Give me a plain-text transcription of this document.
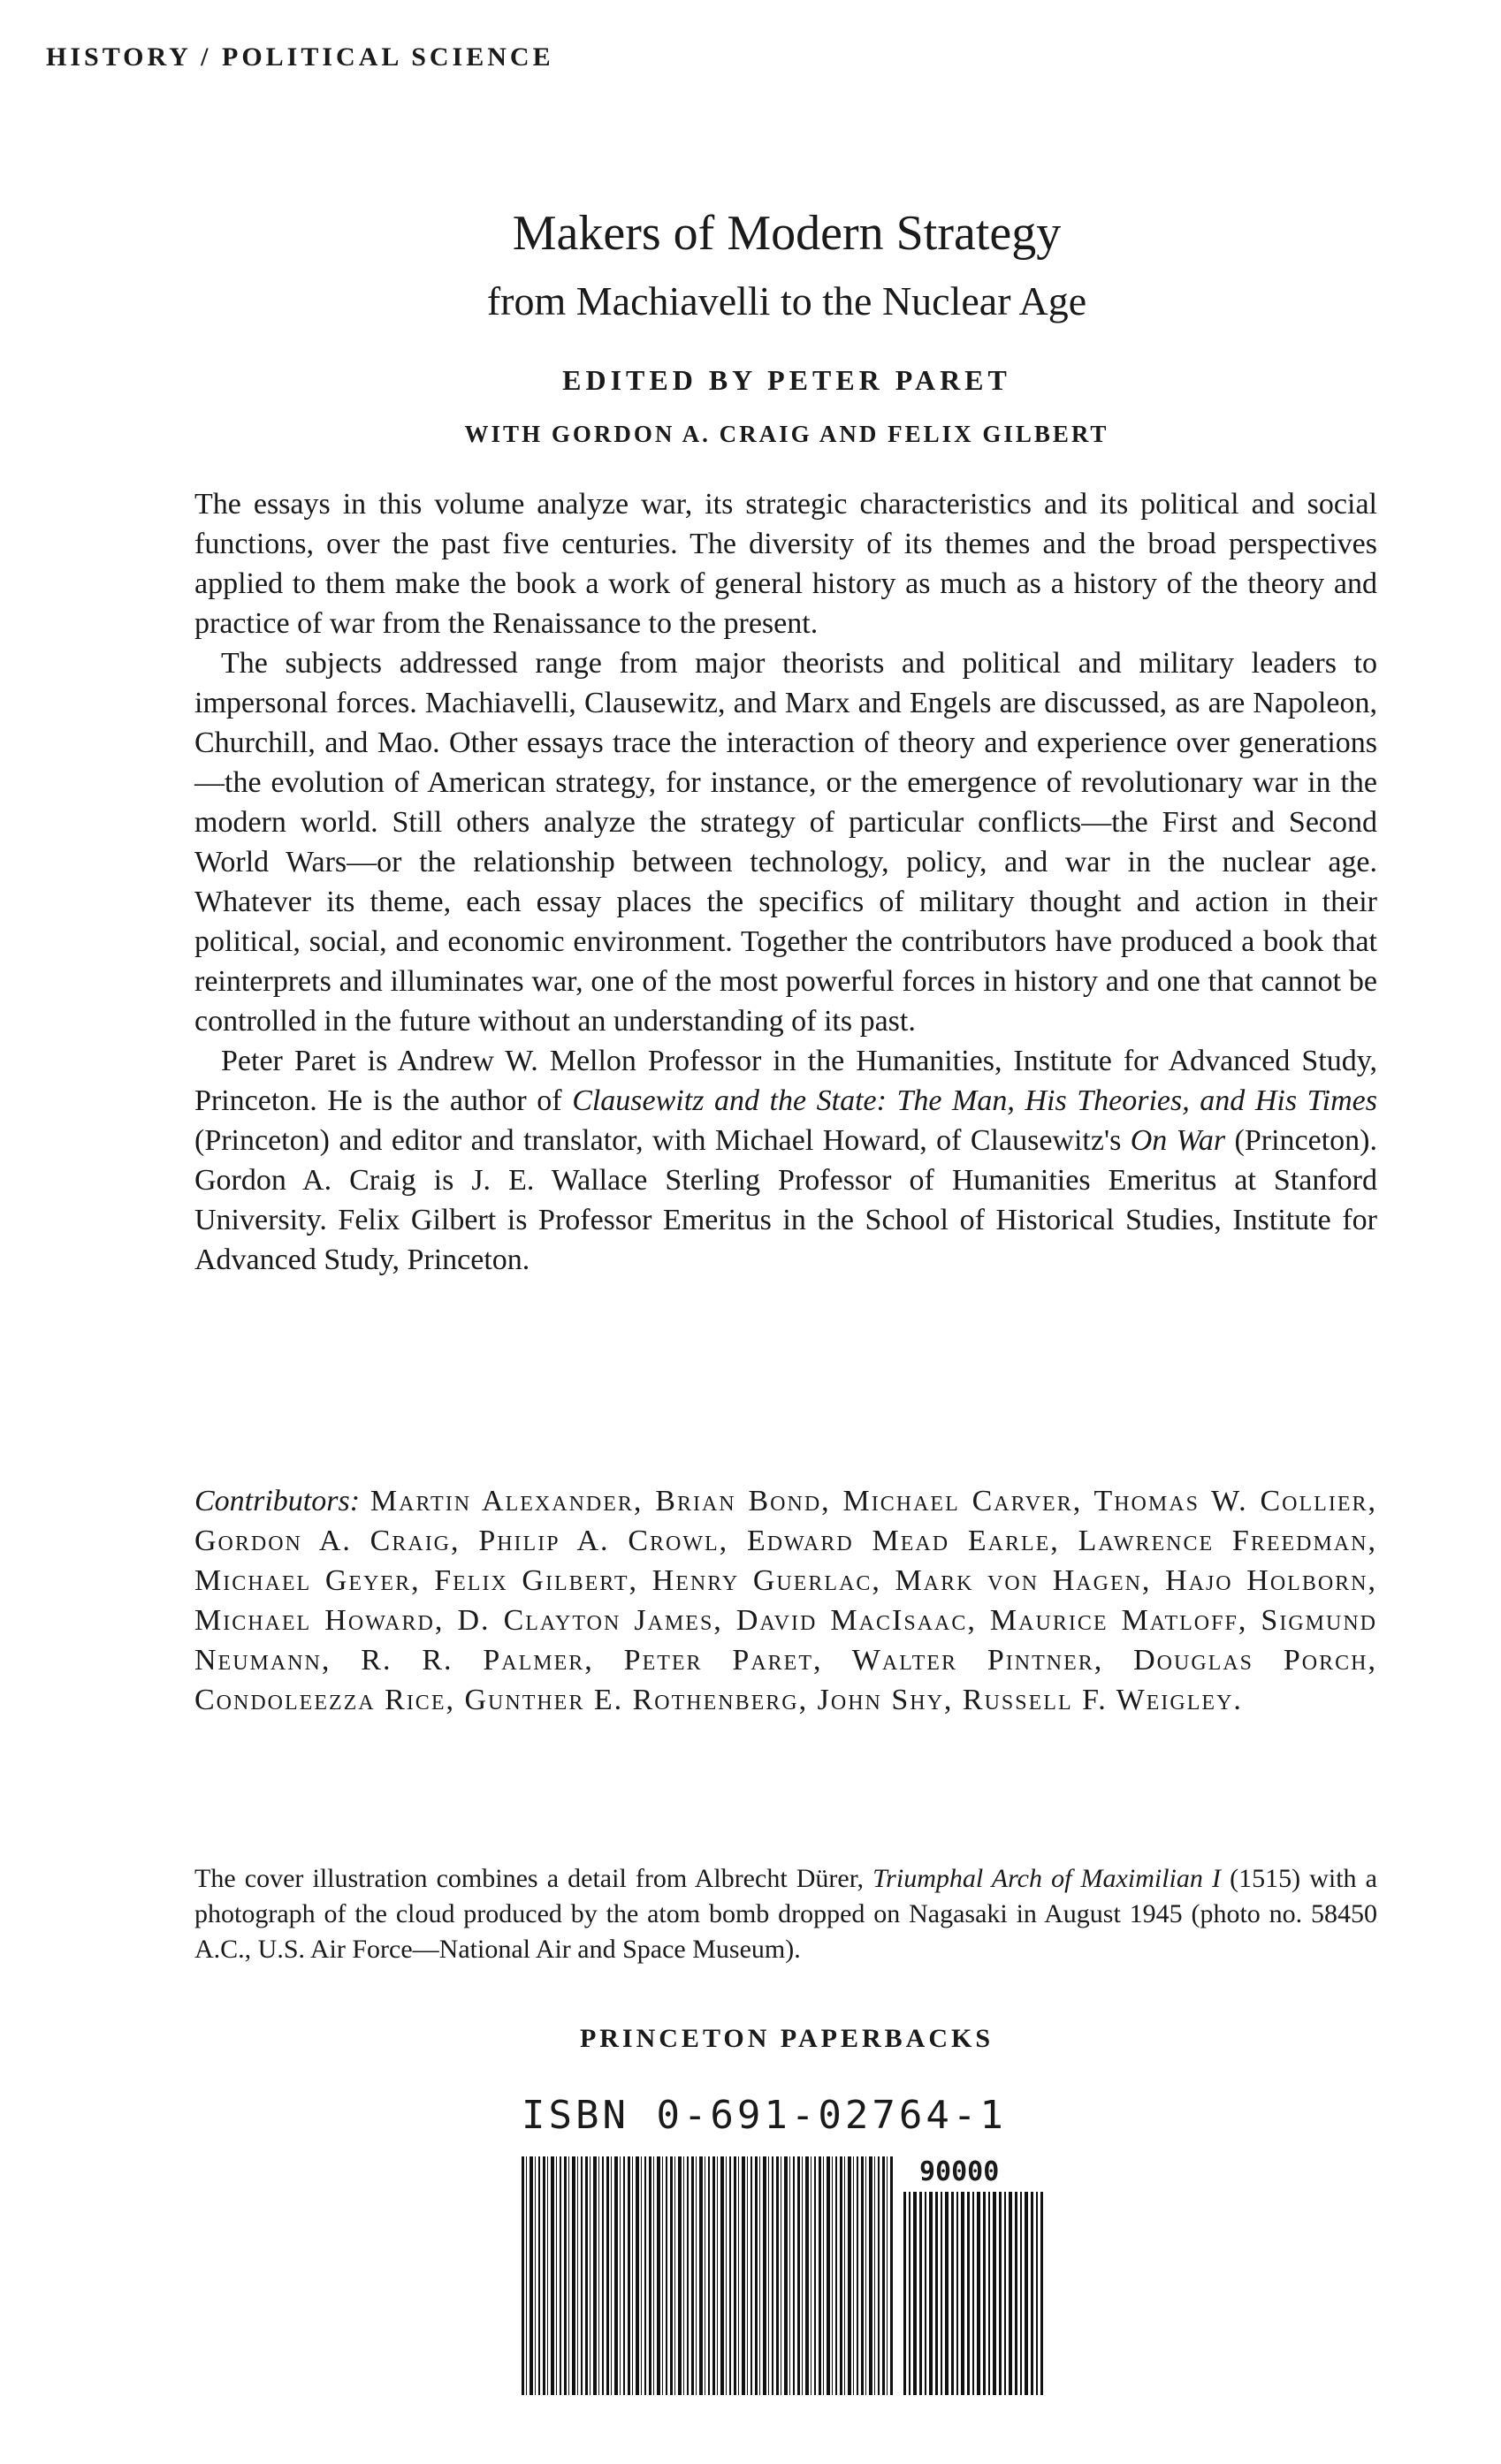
HISTORY / POLITICAL SCIENCE
Makers of Modern Strategy
from Machiavelli to the Nuclear Age
EDITED BY PETER PARET
WITH GORDON A. CRAIG AND FELIX GILBERT

The essays in this volume analyze war, its strategic characteristics and its political and social functions, over the past five centuries. The diversity of its themes and the broad perspectives applied to them make the book a work of general history as much as a history of the theory and practice of war from the Renaissance to the present.

The subjects addressed range from major theorists and political and military leaders to impersonal forces. Machiavelli, Clausewitz, and Marx and Engels are discussed, as are Napoleon, Churchill, and Mao. Other essays trace the interaction of theory and experience over generations—the evolution of American strategy, for instance, or the emergence of revolutionary war in the modern world. Still others analyze the strategy of particular conflicts—the First and Second World Wars—or the relationship between technology, policy, and war in the nuclear age. Whatever its theme, each essay places the specifics of military thought and action in their political, social, and economic environment. Together the contributors have produced a book that reinterprets and illuminates war, one of the most powerful forces in history and one that cannot be controlled in the future without an understanding of its past.

Peter Paret is Andrew W. Mellon Professor in the Humanities, Institute for Advanced Study, Princeton. He is the author of Clausewitz and the State: The Man, His Theories, and His Times (Princeton) and editor and translator, with Michael Howard, of Clausewitz's On War (Princeton). Gordon A. Craig is J. E. Wallace Sterling Professor of Humanities Emeritus at Stanford University. Felix Gilbert is Professor Emeritus in the School of Historical Studies, Institute for Advanced Study, Princeton.

Contributors: Martin Alexander, Brian Bond, Michael Carver, Thomas W. Collier, Gordon A. Craig, Philip A. Crowl, Edward Mead Earle, Lawrence Freedman, Michael Geyer, Felix Gilbert, Henry Guerlac, Mark von Hagen, Hajo Holborn, Michael Howard, D. Clayton James, David MacIsaac, Maurice Matloff, Sigmund Neumann, R. R. Palmer, Peter Paret, Walter Pintner, Douglas Porch, Condoleezza Rice, Gunther E. Rothenberg, John Shy, Russell F. Weigley.
The cover illustration combines a detail from Albrecht Dürer, Triumphal Arch of Maximilian I (1515) with a photograph of the cloud produced by the atom bomb dropped on Nagasaki in August 1945 (photo no. 58450 A.C., U.S. Air Force—National Air and Space Museum).
PRINCETON PAPERBACKS
ISBN 0-691-02764-1
90000
